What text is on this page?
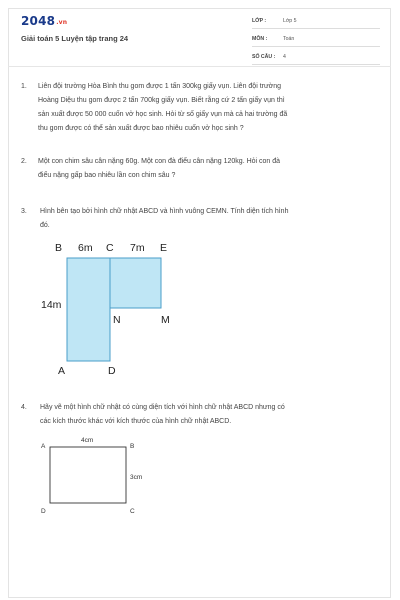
2048.vn
Giải toán 5 Luyện tập trang 24
LỚP :	Lớp 5
MÔN :	Toán
SỐ CÂU : 4
1. Liên đội trường Hòa Bình thu gom được 1 tấn 300kg giấy vụn. Liên đội trường
Hoàng Diệu thu gom được 2 tấn 700kg giấy vụn. Biết rằng cứ 2 tấn giấy vụn thì
sản xuất được 50 000 cuốn vở học sinh. Hỏi từ số giấy vụn mà cả hai trường đã
thu gom được có thể sản xuất được bao nhiêu cuốn vở học sinh ?
2. Một con chim sâu cân nặng 60g. Một con đà điểu cân nặng 120kg. Hỏi con đà
điểu nặng gấp bao nhiêu lần con chim sâu ?
3. Hình bên tạo bởi hình chữ nhật ABCD và hình vuông CEMN. Tính diện tích hình
đó.
4. Hãy vẽ một hình chữ nhật có cùng diện tích với hình chữ nhật ABCD nhưng có
các kích thước khác với kích thước của hình chữ nhật ABCD.
B 6m C 7m E
14m
N	M
A	D
A
4cm
B
3cm
D	C
